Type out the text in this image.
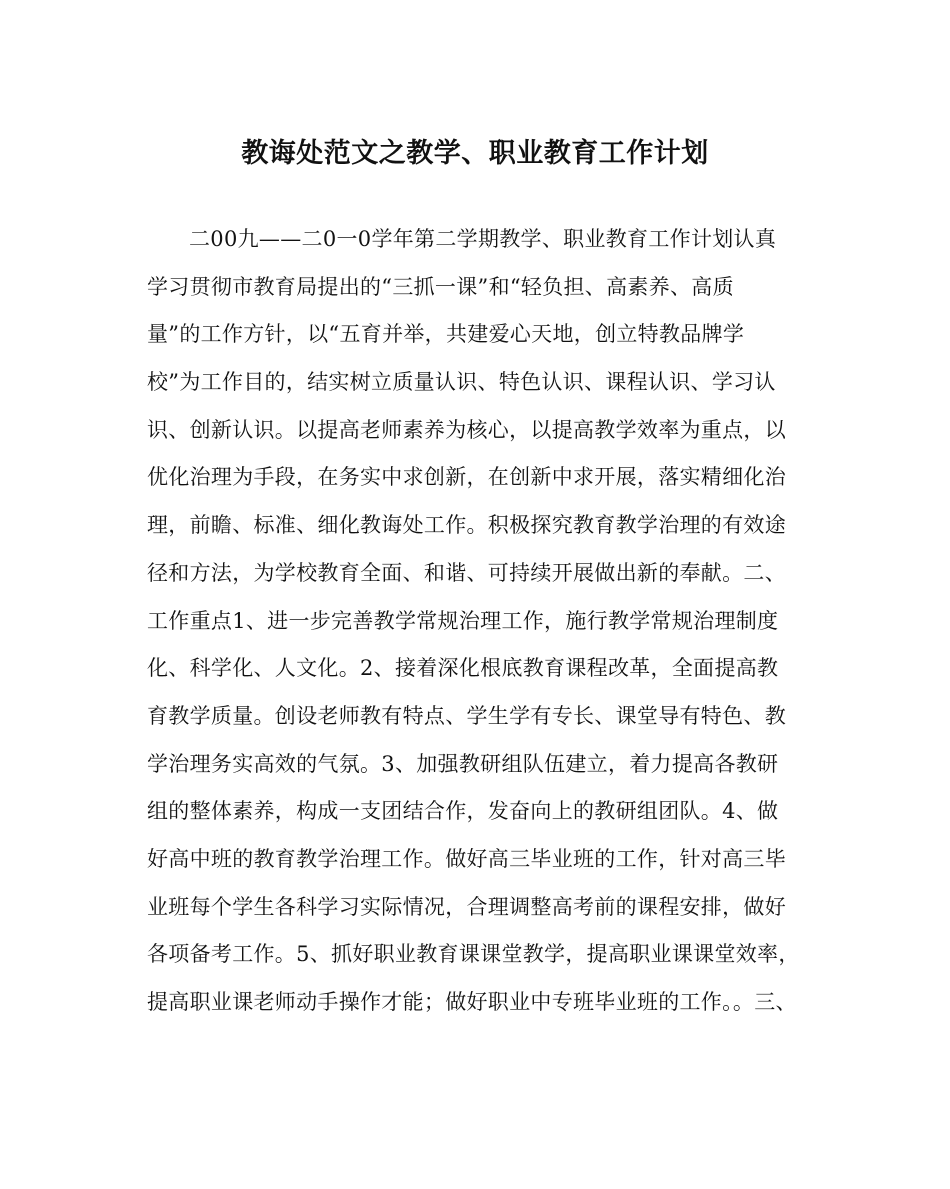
教诲处范文之教学、职业教育工作计划
二00九——二0一0学年第二学期教学、职业教育工作计划认真
学习贯彻市教育局提出的“三抓一课”和“轻负担、高素养、高质
量”的工作方针，以“五育并举，共建爱心天地，创立特教品牌学
校”为工作目的，结实树立质量认识、特色认识、课程认识、学习认
识、创新认识。以提高老师素养为核心，以提高教学效率为重点，以
优化治理为手段，在务实中求创新，在创新中求开展，落实精细化治
理，前瞻、标准、细化教诲处工作。积极探究教育教学治理的有效途
径和方法，为学校教育全面、和谐、可持续开展做出新的奉献。二、
工作重点1、进一步完善教学常规治理工作，施行教学常规治理制度
化、科学化、人文化。2、接着深化根底教育课程改革，全面提高教
育教学质量。创设老师教有特点、学生学有专长、课堂导有特色、教
学治理务实高效的气氛。3、加强教研组队伍建立，着力提高各教研
组的整体素养，构成一支团结合作，发奋向上的教研组团队。4、做
好高中班的教育教学治理工作。做好高三毕业班的工作，针对高三毕
业班每个学生各科学习实际情况，合理调整高考前的课程安排，做好
各项备考工作。5、抓好职业教育课课堂教学，提高职业课课堂效率，
提高职业课老师动手操作才能；做好职业中专班毕业班的工作。。三、
